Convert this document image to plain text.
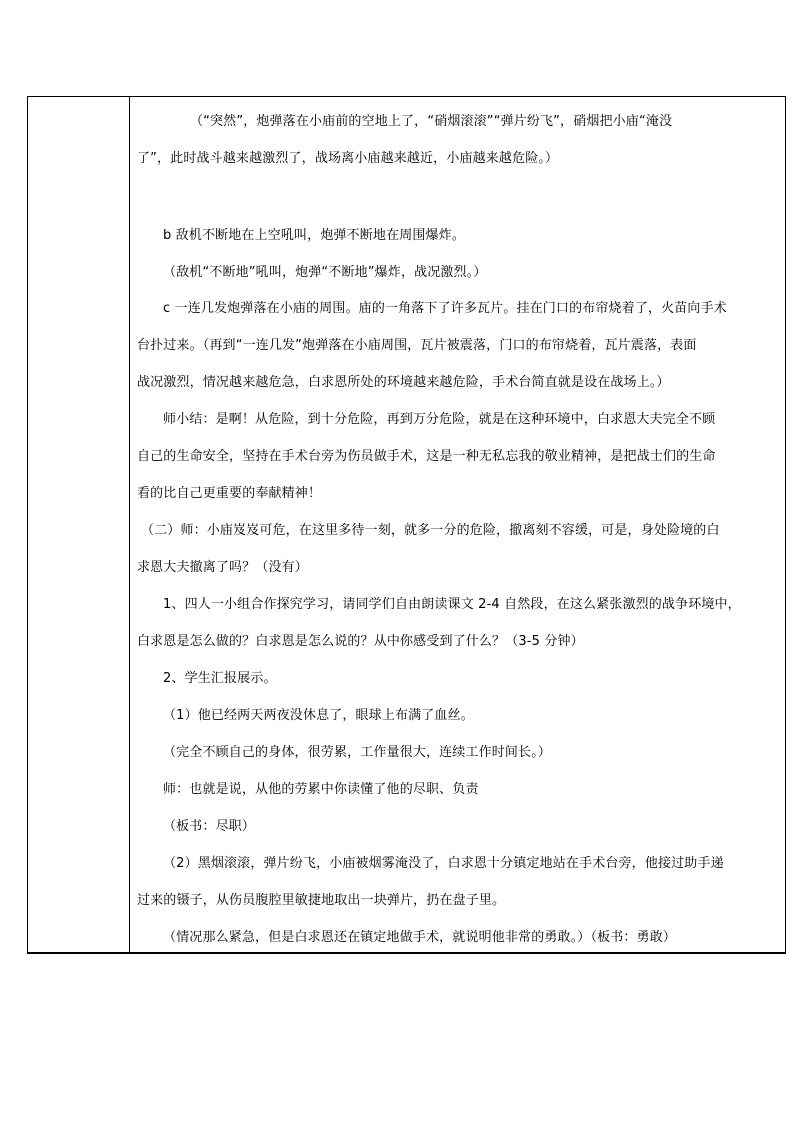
（“突然”，炮弹落在小庙前的空地上了，“硝烟滚滚”“弹片纷飞”，硝烟把小庙“淹没
了”，此时战斗越来越激烈了，战场离小庙越来越近，小庙越来越危险。）
b 敌机不断地在上空吼叫，炮弹不断地在周围爆炸。
（敌机“不断地”吼叫，炮弹“不断地”爆炸，战况激烈。）
c 一连几发炮弹落在小庙的周围。庙的一角落下了许多瓦片。挂在门口的布帘烧着了，火苗向手术
台扑过来。（再到“一连几发”炮弹落在小庙周围，瓦片被震落，门口的布帘烧着，瓦片震落，表面
战况激烈，情况越来越危急，白求恩所处的环境越来越危险，手术台简直就是设在战场上。）
师小结：是啊！从危险，到十分危险，再到万分危险，就是在这种环境中，白求恩大夫完全不顾
自己的生命安全，坚持在手术台旁为伤员做手术，这是一种无私忘我的敬业精神，是把战士们的生命
看的比自己更重要的奉献精神！
（二）师：小庙岌岌可危，在这里多待一刻，就多一分的危险，撤离刻不容缓，可是，身处险境的白
求恩大夫撤离了吗？（没有）
1、四人一小组合作探究学习，请同学们自由朗读课文 2-4 自然段，在这么紧张激烈的战争环境中，
白求恩是怎么做的？白求恩是怎么说的？从中你感受到了什么？（3-5 分钟）
2、学生汇报展示。
（1）他已经两天两夜没休息了，眼球上布满了血丝。
（完全不顾自己的身体，很劳累，工作量很大，连续工作时间长。）
师：也就是说，从他的劳累中你读懂了他的尽职、负责
（板书：尽职）
（2）黑烟滚滚，弹片纷飞，小庙被烟雾淹没了，白求恩十分镇定地站在手术台旁，他接过助手递
过来的镊子，从伤员腹腔里敏捷地取出一块弹片，扔在盘子里。
（情况那么紧急，但是白求恩还在镇定地做手术，就说明他非常的勇敢。）（板书：勇敢）
